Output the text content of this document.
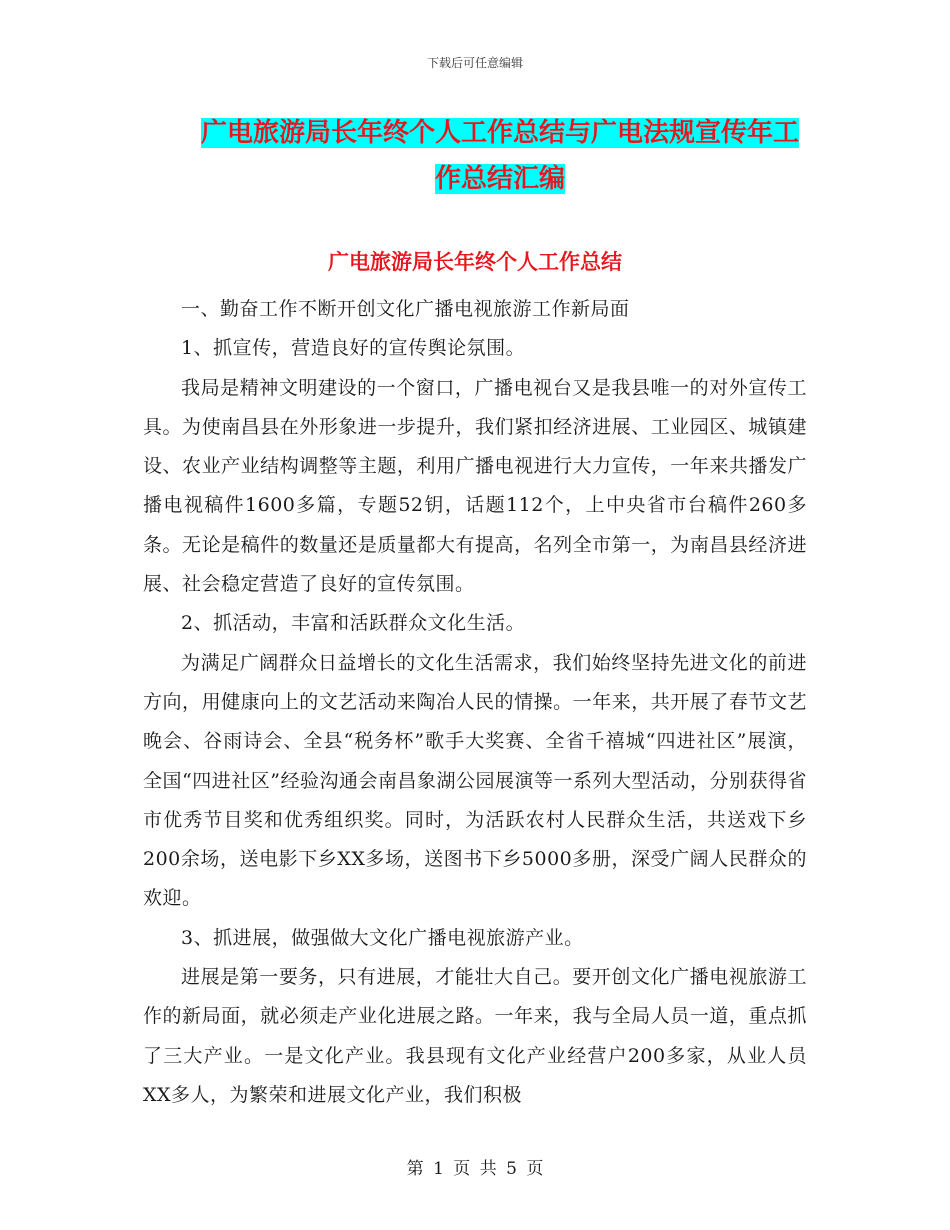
下载后可任意编辑
广电旅游局长年终个人工作总结与广电法规宣传年工
作总结汇编
广电旅游局长年终个人工作总结

一、勤奋工作不断开创文化广播电视旅游工作新局面

1、抓宣传，营造良好的宣传舆论氛围。

我局是精神文明建设的一个窗口，广播电视台又是我县唯一的对外宣传工具。为使南昌县在外形象进一步提升，我们紧扣经济进展、工业园区、城镇建设、农业产业结构调整等主题，利用广播电视进行大力宣传，一年来共播发广播电视稿件1600多篇，专题52钥，话题112个，上中央省市台稿件260多条。无论是稿件的数量还是质量都大有提高，名列全市第一，为南昌县经济进展、社会稳定营造了良好的宣传氛围。

2、抓活动，丰富和活跃群众文化生活。

为满足广阔群众日益增长的文化生活需求，我们始终坚持先进文化的前进方向，用健康向上的文艺活动来陶冶人民的情操。一年来，共开展了春节文艺晚会、谷雨诗会、全县“税务杯”歌手大奖赛、全省千禧城“四进社区”展演，全国“四进社区”经验沟通会南昌象湖公园展演等一系列大型活动，分别获得省市优秀节目奖和优秀组织奖。同时，为活跃农村人民群众生活，共送戏下乡200余场，送电影下乡XX多场，送图书下乡5000多册，深受广阔人民群众的欢迎。

3、抓进展，做强做大文化广播电视旅游产业。

进展是第一要务，只有进展，才能壮大自己。要开创文化广播电视旅游工作的新局面，就必须走产业化进展之路。一年来，我与全局人员一道，重点抓了三大产业。一是文化产业。我县现有文化产业经营户200多家，从业人员XX多人，为繁荣和进展文化产业，我们积极

第 1 页 共 5 页
